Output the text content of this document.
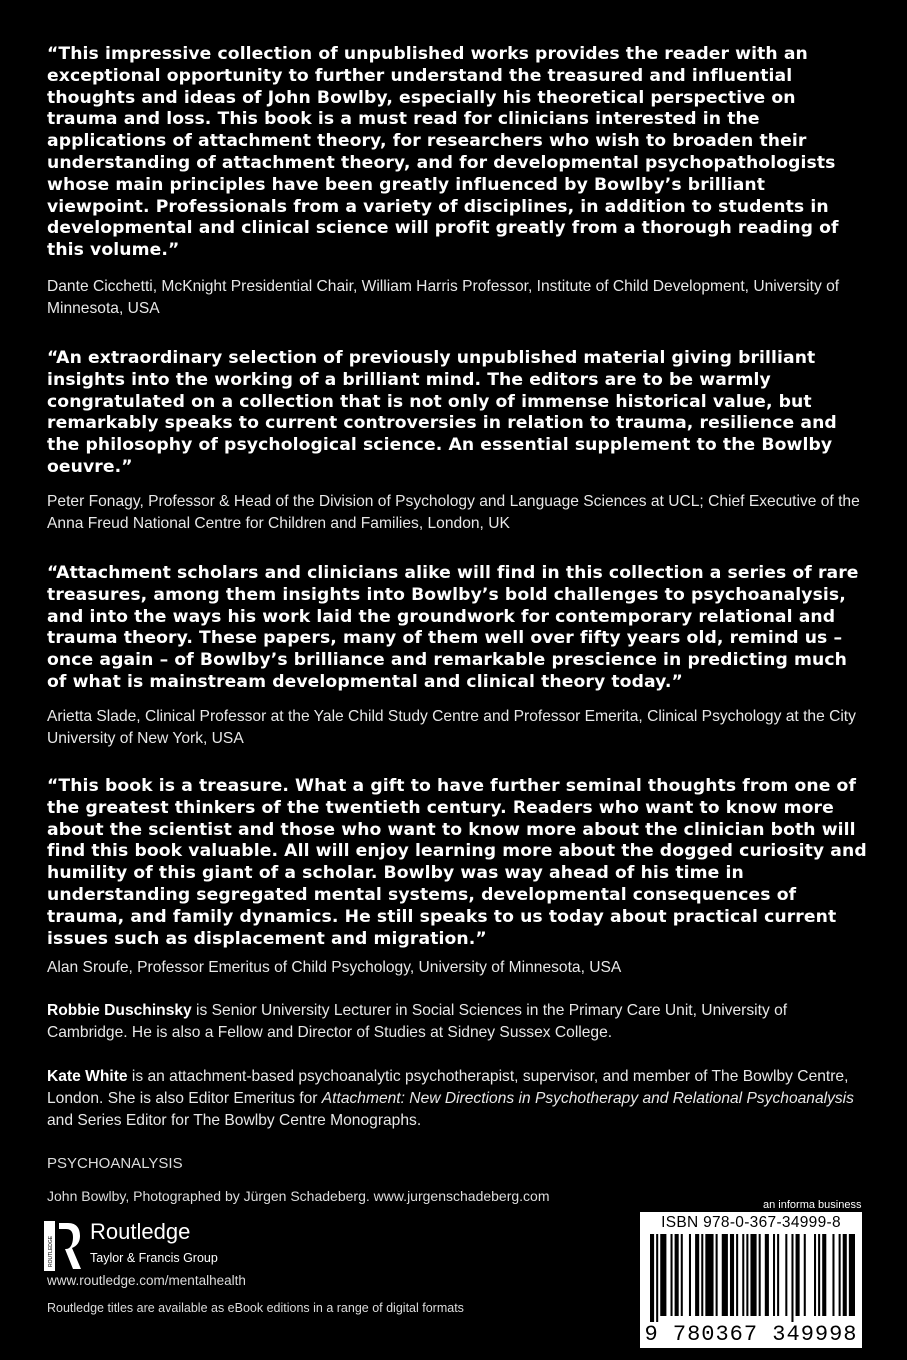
“This impressive collection of unpublished works provides the reader with an exceptional opportunity to further understand the treasured and influential thoughts and ideas of John Bowlby, especially his theoretical perspective on trauma and loss. This book is a must read for clinicians interested in the applications of attachment theory, for researchers who wish to broaden their understanding of attachment theory, and for developmental psychopathologists whose main principles have been greatly influenced by Bowlby’s brilliant viewpoint. Professionals from a variety of disciplines, in addition to students in developmental and clinical science will profit greatly from a thorough reading of this volume.”

Dante Cicchetti, McKnight Presidential Chair, William Harris Professor, Institute of Child Development, University of Minnesota, USA

“An extraordinary selection of previously unpublished material giving brilliant insights into the working of a brilliant mind. The editors are to be warmly congratulated on a collection that is not only of immense historical value, but remarkably speaks to current controversies in relation to trauma, resilience and the philosophy of psychological science. An essential supplement to the Bowlby oeuvre.”

Peter Fonagy, Professor & Head of the Division of Psychology and Language Sciences at UCL; Chief Executive of the Anna Freud National Centre for Children and Families, London, UK

“Attachment scholars and clinicians alike will find in this collection a series of rare treasures, among them insights into Bowlby’s bold challenges to psychoanalysis, and into the ways his work laid the groundwork for contemporary relational and trauma theory. These papers, many of them well over fifty years old, remind us – once again – of Bowlby’s brilliance and remarkable prescience in predicting much of what is mainstream developmental and clinical theory today.”

Arietta Slade, Clinical Professor at the Yale Child Study Centre and Professor Emerita, Clinical Psychology at the City University of New York, USA

“This book is a treasure. What a gift to have further seminal thoughts from one of the greatest thinkers of the twentieth century. Readers who want to know more about the scientist and those who want to know more about the clinician both will find this book valuable. All will enjoy learning more about the dogged curiosity and humility of this giant of a scholar. Bowlby was way ahead of his time in understanding segregated mental systems, developmental consequences of trauma, and family dynamics. He still speaks to us today about practical current issues such as displacement and migration.”

Alan Sroufe, Professor Emeritus of Child Psychology, University of Minnesota, USA

Robbie Duschinsky is Senior University Lecturer in Social Sciences in the Primary Care Unit, University of Cambridge. He is also a Fellow and Director of Studies at Sidney Sussex College.

Kate White is an attachment-based psychoanalytic psychotherapist, supervisor, and member of The Bowlby Centre, London. She is also Editor Emeritus for Attachment: New Directions in Psychotherapy and Relational Psychoanalysis and Series Editor for The Bowlby Centre Monographs.

PSYCHOANALYSIS

John Bowlby, Photographed by Jürgen Schadeberg. www.jurgenschadeberg.com

ROUTLEDGE
Routledge
Taylor & Francis Group

www.routledge.com/mentalhealth

Routledge titles are available as eBook editions in a range of digital formats

an informa business
ISBN 978-0-367-34999-8
9 780367 349998
